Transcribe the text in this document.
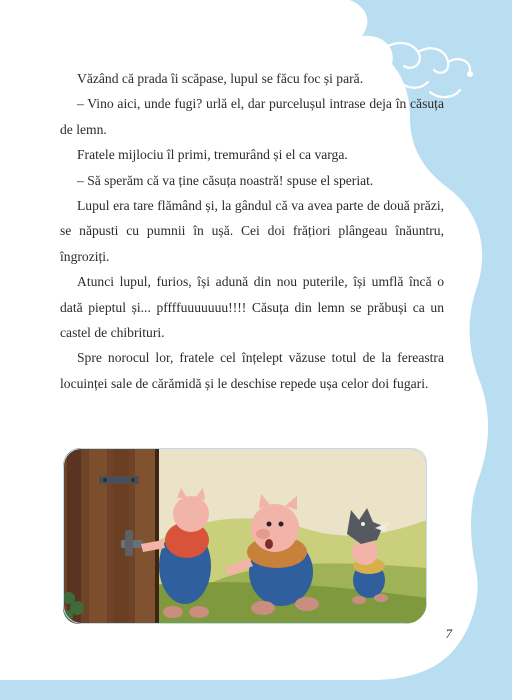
Văzând că prada îi scăpase, lupul se făcu foc și pară.

– Vino aici, unde fugi? urlă el, dar purcelușul intrase deja în căsuța de lemn.

Fratele mijlociu îl primi, tremurând și el ca varga.

– Să sperăm că va ține căsuța noastră! spuse el speriat.

Lupul era tare flămând și, la gândul că va avea parte de două prăzi, se năpusti cu pumnii în ușă. Cei doi frățiori plângeau înăuntru, îngroziți.

Atunci lupul, furios, își adună din nou puterile, își umflă încă o dată pieptul și... pffffuuuuuuu!!!! Căsuța din lemn se prăbuși ca un castel de chibrituri.

Spre norocul lor, fratele cel înțelept văzuse totul de la fereastra locuinței sale de cărămidă și le deschise repede ușa celor doi fugari.

7
